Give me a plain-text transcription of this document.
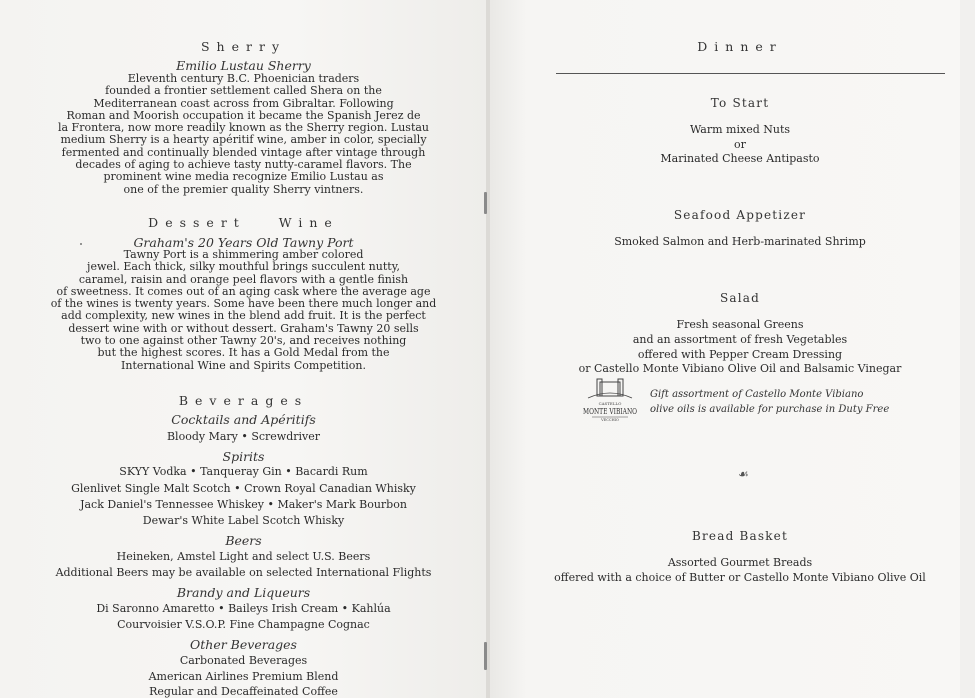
Sherry
Emilio Lustau Sherry
Eleventh century B.C. Phoenician traders
founded a frontier settlement called Shera on the
Mediterranean coast across from Gibraltar. Following
Roman and Moorish occupation it became the Spanish Jerez de
la Frontera, now more readily known as the Sherry region. Lustau
medium Sherry is a hearty apéritif wine, amber in color, specially
fermented and continually blended vintage after vintage through
decades of aging to achieve tasty nutty-caramel flavors. The
prominent wine media recognize Emilio Lustau as
one of the premier quality Sherry vintners.
Dessert	Wine
Graham's 20 Years Old Tawny Port
Tawny Port is a shimmering amber colored
jewel. Each thick, silky mouthful brings succulent nutty,
caramel, raisin and orange peel flavors with a gentle finish
of sweetness. It comes out of an aging cask where the average age
of the wines is twenty years. Some have been there much longer and
add complexity, new wines in the blend add fruit. It is the perfect
dessert wine with or without dessert. Graham's Tawny 20 sells
two to one against other Tawny 20's, and receives nothing
but the highest scores. It has a Gold Medal from the
International Wine and Spirits Competition.
Beverages
Cocktails and Apéritifs
Bloody Mary • Screwdriver
Spirits
SKYY Vodka • Tanqueray Gin • Bacardi Rum
Glenlivet Single Malt Scotch • Crown Royal Canadian Whisky
Jack Daniel's Tennessee Whiskey • Maker's Mark Bourbon
Dewar's White Label Scotch Whisky
Beers
Heineken, Amstel Light and select U.S. Beers
Additional Beers may be available on selected International Flights
Brandy and Liqueurs
Di Saronno Amaretto • Baileys Irish Cream • Kahlúa
Courvoisier V.S.O.P. Fine Champagne Cognac
Other Beverages
Carbonated Beverages
American Airlines Premium Blend
Regular and Decaffeinated Coffee
Dinner
To Start
Warm mixed Nuts
or
Marinated Cheese Antipasto
Seafood Appetizer
Smoked Salmon and Herb-marinated Shrimp
Salad
Fresh seasonal Greens
and an assortment of fresh Vegetables
offered with Pepper Cream Dressing
or Castello Monte Vibiano Olive Oil and Balsamic Vinegar
CASTELLO
MONTE VIBIANO
VECCHIO
Gift assortment of Castello Monte Vibiano
olive oils is available for purchase in Duty Free
☙
Bread Basket
Assorted Gourmet Breads
offered with a choice of Butter or Castello Monte Vibiano Olive Oil
